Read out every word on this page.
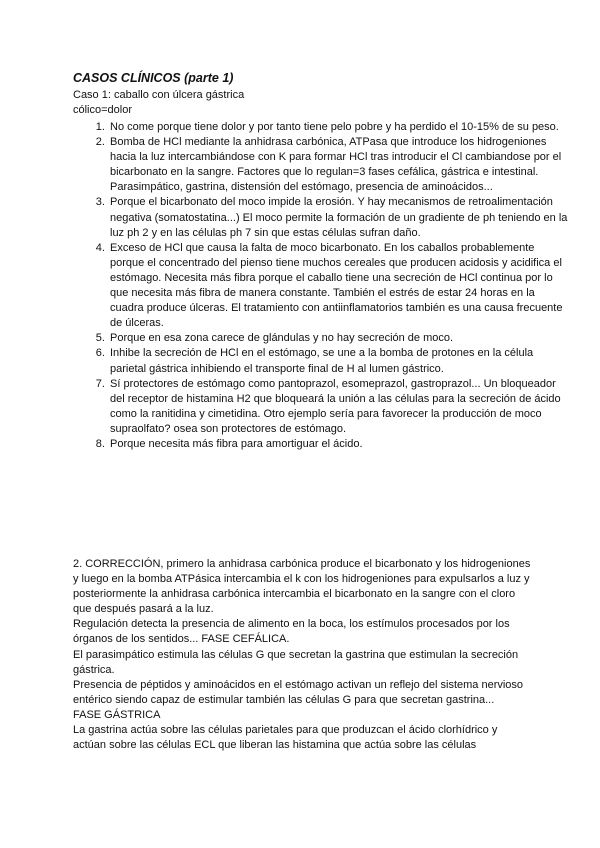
CASOS CLÍNICOS (parte 1)
Caso 1: caballo con úlcera gástrica
cólico=dolor
1. No come porque tiene dolor y por tanto tiene pelo pobre y ha perdido el 10-15% de su peso.
2. Bomba de HCl mediante la anhidrasa carbónica, ATPasa que introduce los hidrogeniones hacia la luz intercambiándose con K para formar HCl tras introducir el Cl cambiandose por el bicarbonato en la sangre. Factores que lo regulan=3 fases cefálica, gástrica e intestinal. Parasimpático, gastrina, distensión del estómago, presencia de aminoácidos...
3. Porque el bicarbonato del moco impide la erosión. Y hay mecanismos de retroalimentación negativa (somatostatina...) El moco permite la formación de un gradiente de ph teniendo en la luz ph 2 y en las células ph 7 sin que estas células sufran daño.
4. Exceso de HCl que causa la falta de moco bicarbonato. En los caballos probablemente porque el concentrado del pienso tiene muchos cereales que producen acidosis y acidifica el estómago. Necesita más fibra porque el caballo tiene una secreción de HCl continua por lo que necesita más fibra de manera constante. También el estrés de estar 24 horas en la cuadra produce úlceras. El tratamiento con antiinflamatorios también es una causa frecuente de úlceras.
5. Porque en esa zona carece de glándulas y no hay secreción de moco.
6. Inhibe la secreción de HCl en el estómago, se une a la bomba de protones en la célula parietal gástrica inhibiendo el transporte final de H al lumen gástrico.
7. Sí protectores de estómago como pantoprazol, esomeprazol, gastroprazol... Un bloqueador del receptor de histamina H2 que bloqueará la unión a las células para la secreción de ácido como la ranitidina y cimetidina. Otro ejemplo sería para favorecer la producción de moco supraolfato? osea son protectores de estómago.
8. Porque necesita más fibra para amortiguar el ácido.

2. CORRECCIÓN, primero la anhidrasa carbónica produce el bicarbonato y los hidrogeniones y luego en la bomba ATPásica intercambia el k con los hidrogeniones para expulsarlos a luz y posteriormente la anhidrasa carbónica intercambia el bicarbonato en la sangre con el cloro que después pasará a la luz.

Regulación detecta la presencia de alimento en la boca, los estímulos procesados por los órganos de los sentidos... FASE CEFÁLICA.

El parasimpático estimula las células G que secretan la gastrina que estimulan la secreción gástrica.

Presencia de péptidos y aminoácidos en el estómago activan un reflejo del sistema nervioso entérico siendo capaz de estimular también las células G para que secretan gastrina...

FASE GÁSTRICA

La gastrina actúa sobre las células parietales para que produzcan el ácido clorhídrico y actúan sobre las células ECL que liberan las histamina que actúa sobre las células
